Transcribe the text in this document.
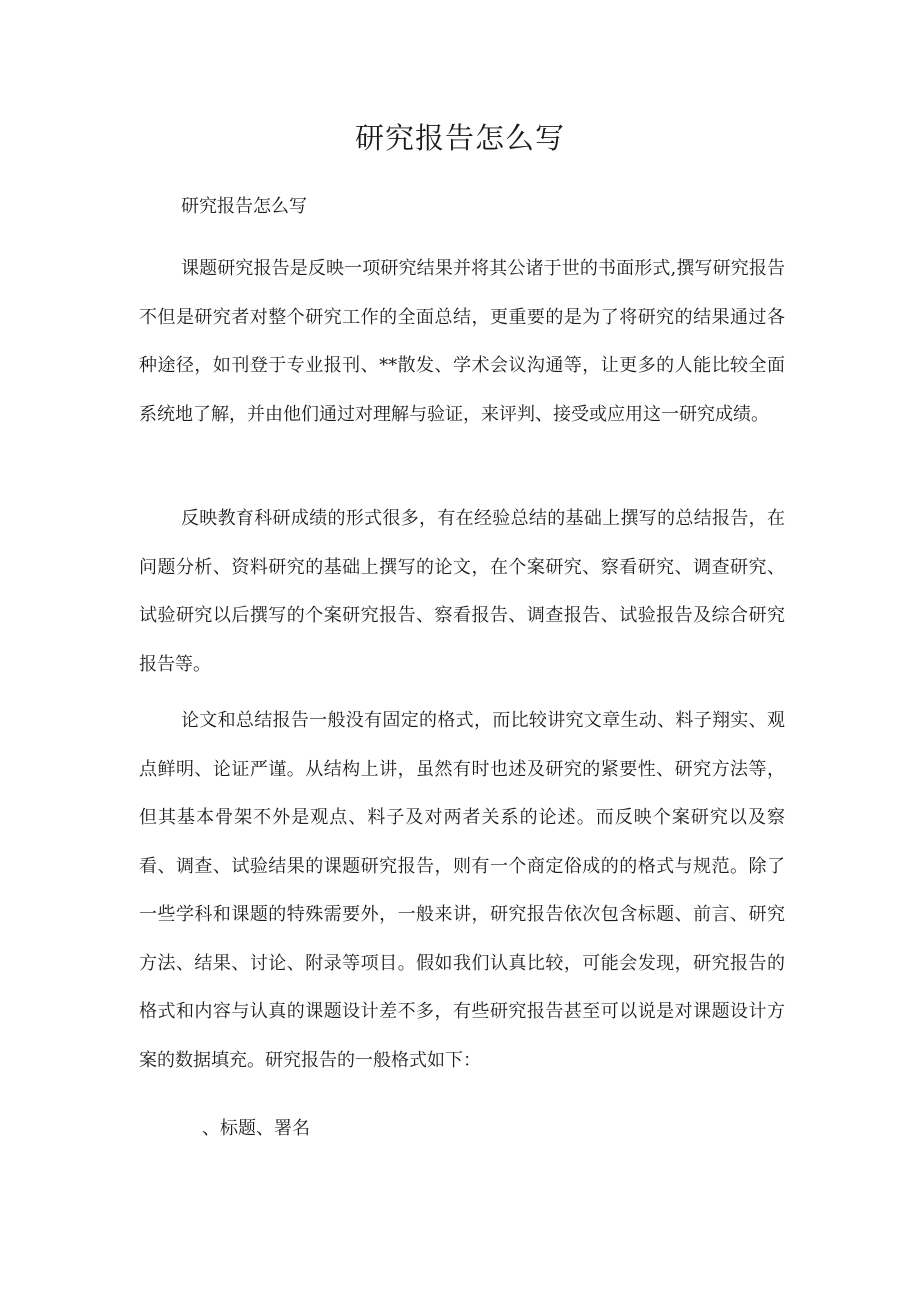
研究报告怎么写

研究报告怎么写

课题研究报告是反映一项研究结果并将其公诸于世的书面形式,撰写研究报告不但是研究者对整个研究工作的全面总结，更重要的是为了将研究的结果通过各种途径，如刊登于专业报刊、**散发、学术会议沟通等，让更多的人能比较全面系统地了解，并由他们通过对理解与验证，来评判、接受或应用这一研究成绩。

反映教育科研成绩的形式很多，有在经验总结的基础上撰写的总结报告，在问题分析、资料研究的基础上撰写的论文，在个案研究、察看研究、调查研究、试验研究以后撰写的个案研究报告、察看报告、调查报告、试验报告及综合研究报告等。

论文和总结报告一般没有固定的格式，而比较讲究文章生动、料子翔实、观点鲜明、论证严谨。从结构上讲，虽然有时也述及研究的紧要性、研究方法等，但其基本骨架不外是观点、料子及对两者关系的论述。而反映个案研究以及察看、调查、试验结果的课题研究报告，则有一个商定俗成的的格式与规范。除了一些学科和课题的特殊需要外，一般来讲，研究报告依次包含标题、前言、研究方法、结果、讨论、附录等项目。假如我们认真比较，可能会发现，研究报告的格式和内容与认真的课题设计差不多，有些研究报告甚至可以说是对课题设计方案的数据填充。研究报告的一般格式如下：

、标题、署名
